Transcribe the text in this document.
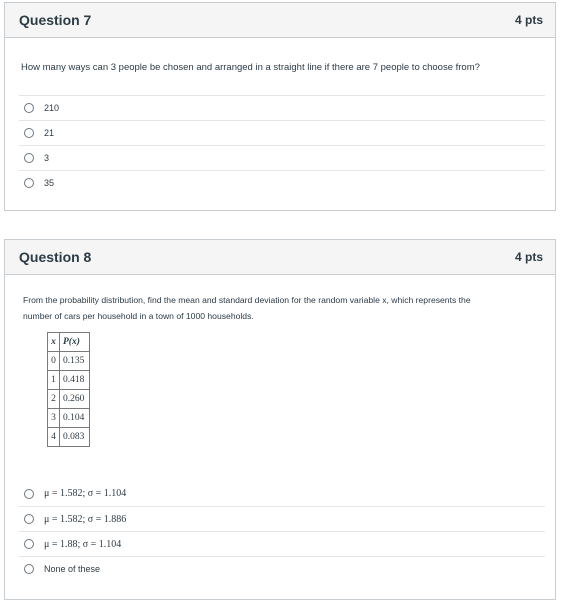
Question 7	4 pts
How many ways can 3 people be chosen and arranged in a straight line if there are 7 people to choose from?
210
21
3
35
Question 8	4 pts
From the probability distribution, find the mean and standard deviation for the random variable x, which represents the
number of cars per household in a town of 1000 households.
x	P(x)
0	0.135
1	0.418
2	0.260
3	0.104
4	0.083
μ = 1.582; σ = 1.104
μ = 1.582; σ = 1.886
μ = 1.88; σ = 1.104
None of these
